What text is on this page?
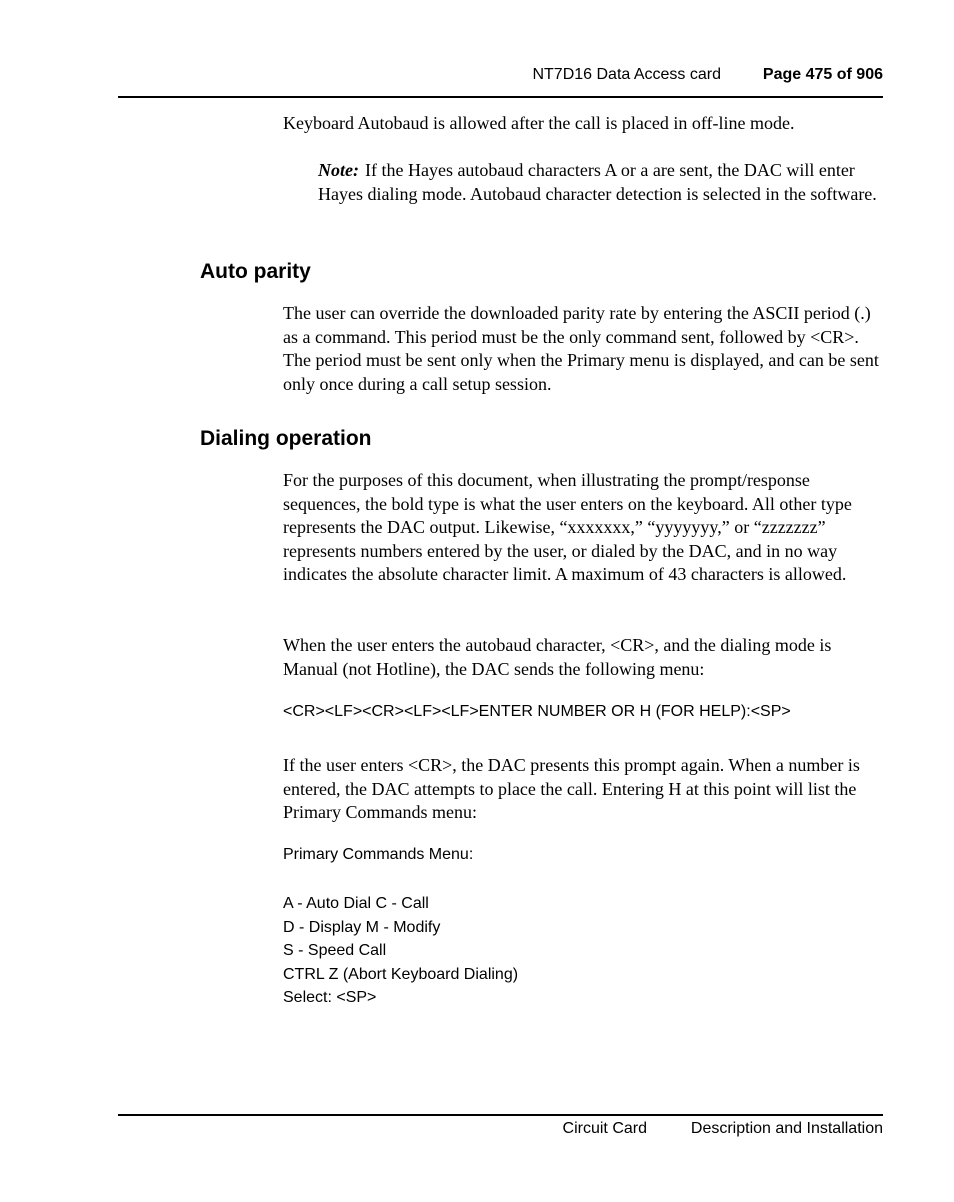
NT7D16 Data Access card	Page 475 of 906

Keyboard Autobaud is allowed after the call is placed in off-line mode.

Note: If the Hayes autobaud characters A or a are sent, the DAC will enter Hayes dialing mode. Autobaud character detection is selected in the software.

Auto parity

The user can override the downloaded parity rate by entering the ASCII period (.) as a command. This period must be the only command sent, followed by <CR>. The period must be sent only when the Primary menu is displayed, and can be sent only once during a call setup session.

Dialing operation

For the purposes of this document, when illustrating the prompt/response sequences, the bold type is what the user enters on the keyboard. All other type represents the DAC output. Likewise, “xxxxxxx,” “yyyyyyy,” or “zzzzzzz” represents numbers entered by the user, or dialed by the DAC, and in no way indicates the absolute character limit. A maximum of 43 characters is allowed.

When the user enters the autobaud character, <CR>, and the dialing mode is Manual (not Hotline), the DAC sends the following menu:

<CR><LF><CR><LF><LF>ENTER NUMBER OR H (FOR HELP):<SP>

If the user enters <CR>, the DAC presents this prompt again. When a number is entered, the DAC attempts to place the call. Entering H at this point will list the Primary Commands menu:

Primary Commands Menu:

A - Auto Dial C - Call
D - Display M - Modify
S - Speed Call
CTRL Z (Abort Keyboard Dialing)
Select: <SP>
Circuit Card	Description and Installation
